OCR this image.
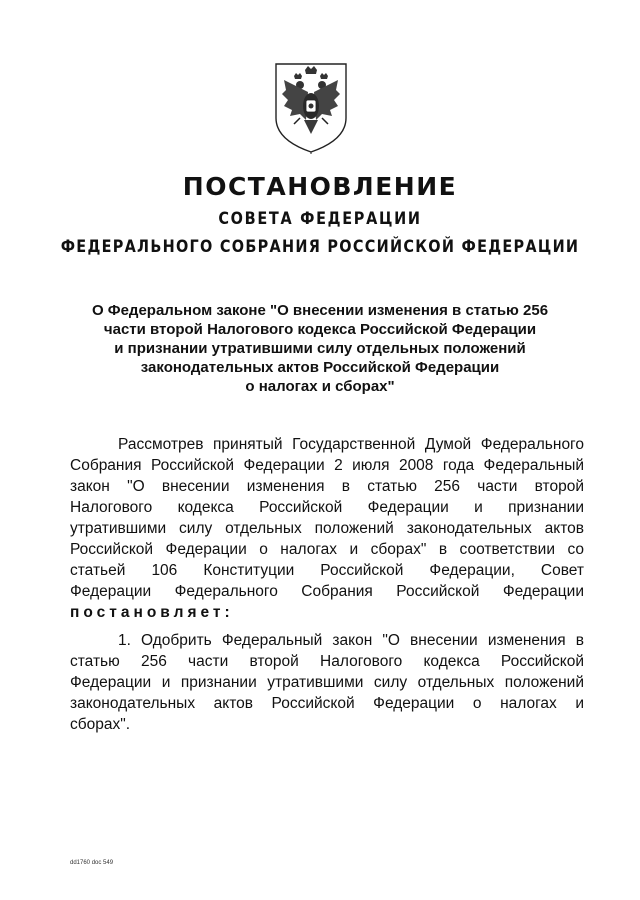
ПОСТАНОВЛЕНИЕ
СОВЕТА ФЕДЕРАЦИИ
ФЕДЕРАЛЬНОГО СОБРАНИЯ РОССИЙСКОЙ ФЕДЕРАЦИИ
О Федеральном законе "О внесении изменения в статью 256
части второй Налогового кодекса Российской Федерации
и признании утратившими силу отдельных положений
законодательных актов Российской Федерации
о налогах и сборах"
Рассмотрев принятый Государственной Думой Федерального
Собрания Российской Федерации 2 июля 2008 года Федеральный
закон "О внесении изменения в статью 256 части второй
Налогового кодекса Российской Федерации и признании
утратившими силу отдельных положений законодательных актов
Российской Федерации о налогах и сборах" в соответствии со
статьей 106 Конституции Российской Федерации, Совет
Федерации Федерального Собрания Российской Федерации
постановляет:
1. Одобрить Федеральный закон "О внесении изменения в
статью 256 части второй Налогового кодекса Российской
Федерации и признании утратившими силу отдельных положений
законодательных актов Российской Федерации о налогах и
сборах".
dd1760 doc 549
